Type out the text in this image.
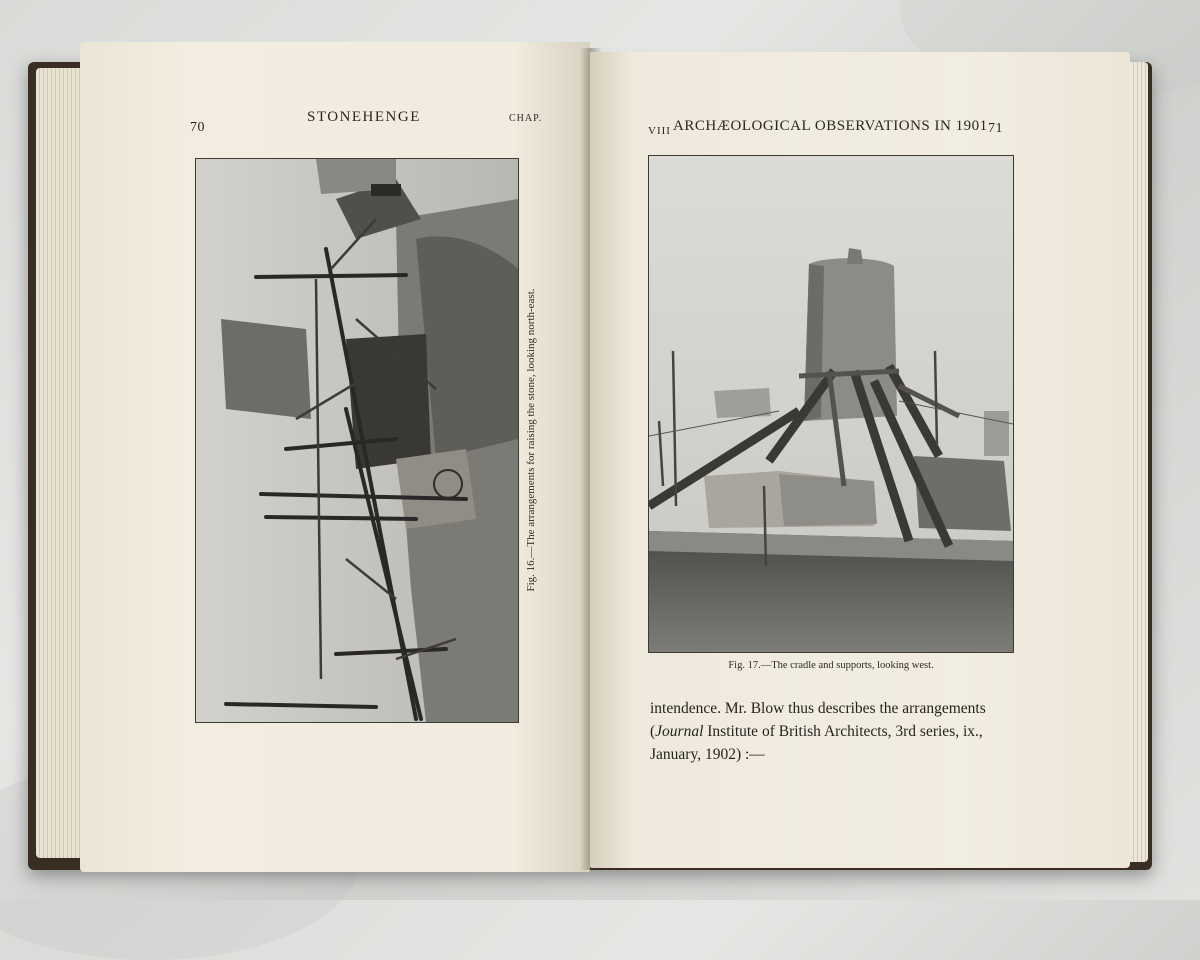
70
STONEHENGE	CHAP.
Fig. 16.—The arrangements for raising the stone, looking north-east.
VIII ARCHÆOLOGICAL OBSERVATIONS IN 1901 71
Fig. 17.—The cradle and supports, looking west.

intendence. Mr. Blow thus describes the arrangements

(Journal Institute of British Architects, 3rd series, ix.,

January, 1902) :—
